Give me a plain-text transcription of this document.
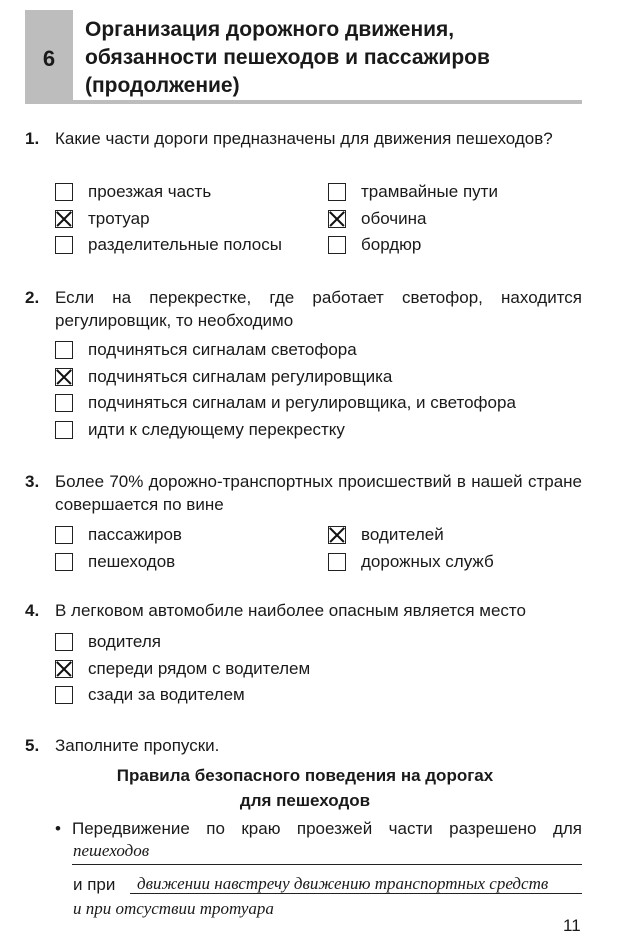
6
Организация дорожного движения, обязанности пешеходов и пассажиров (продолжение)
1. Какие части дороги предназначены для движения пешеходов?
проезжая часть	трамвайные пути
тротуар	обочина
разделительные полосы	бордюр
2. Если на перекрестке, где работает светофор, находится регулировщик, то необходимо
подчиняться сигналам светофора
подчиняться сигналам регулировщика
подчиняться сигналам и регулировщика, и светофора
идти к следующему перекрестку
3. Более 70% дорожно-транспортных происшествий в нашей стране совершается по вине
пассажиров	водителей
пешеходов	дорожных служб
4. В легковом автомобиле наиболее опасным является место
водителя
спереди рядом с водителем
сзади за водителем
5. Заполните пропуски.
Правила безопасного поведения на дорогах
для пешеходов
• Передвижение по краю проезжей части разрешено для
пешеходов
и при движении навстречу движению транспортных средств
и при отсуствии тротуара
11
